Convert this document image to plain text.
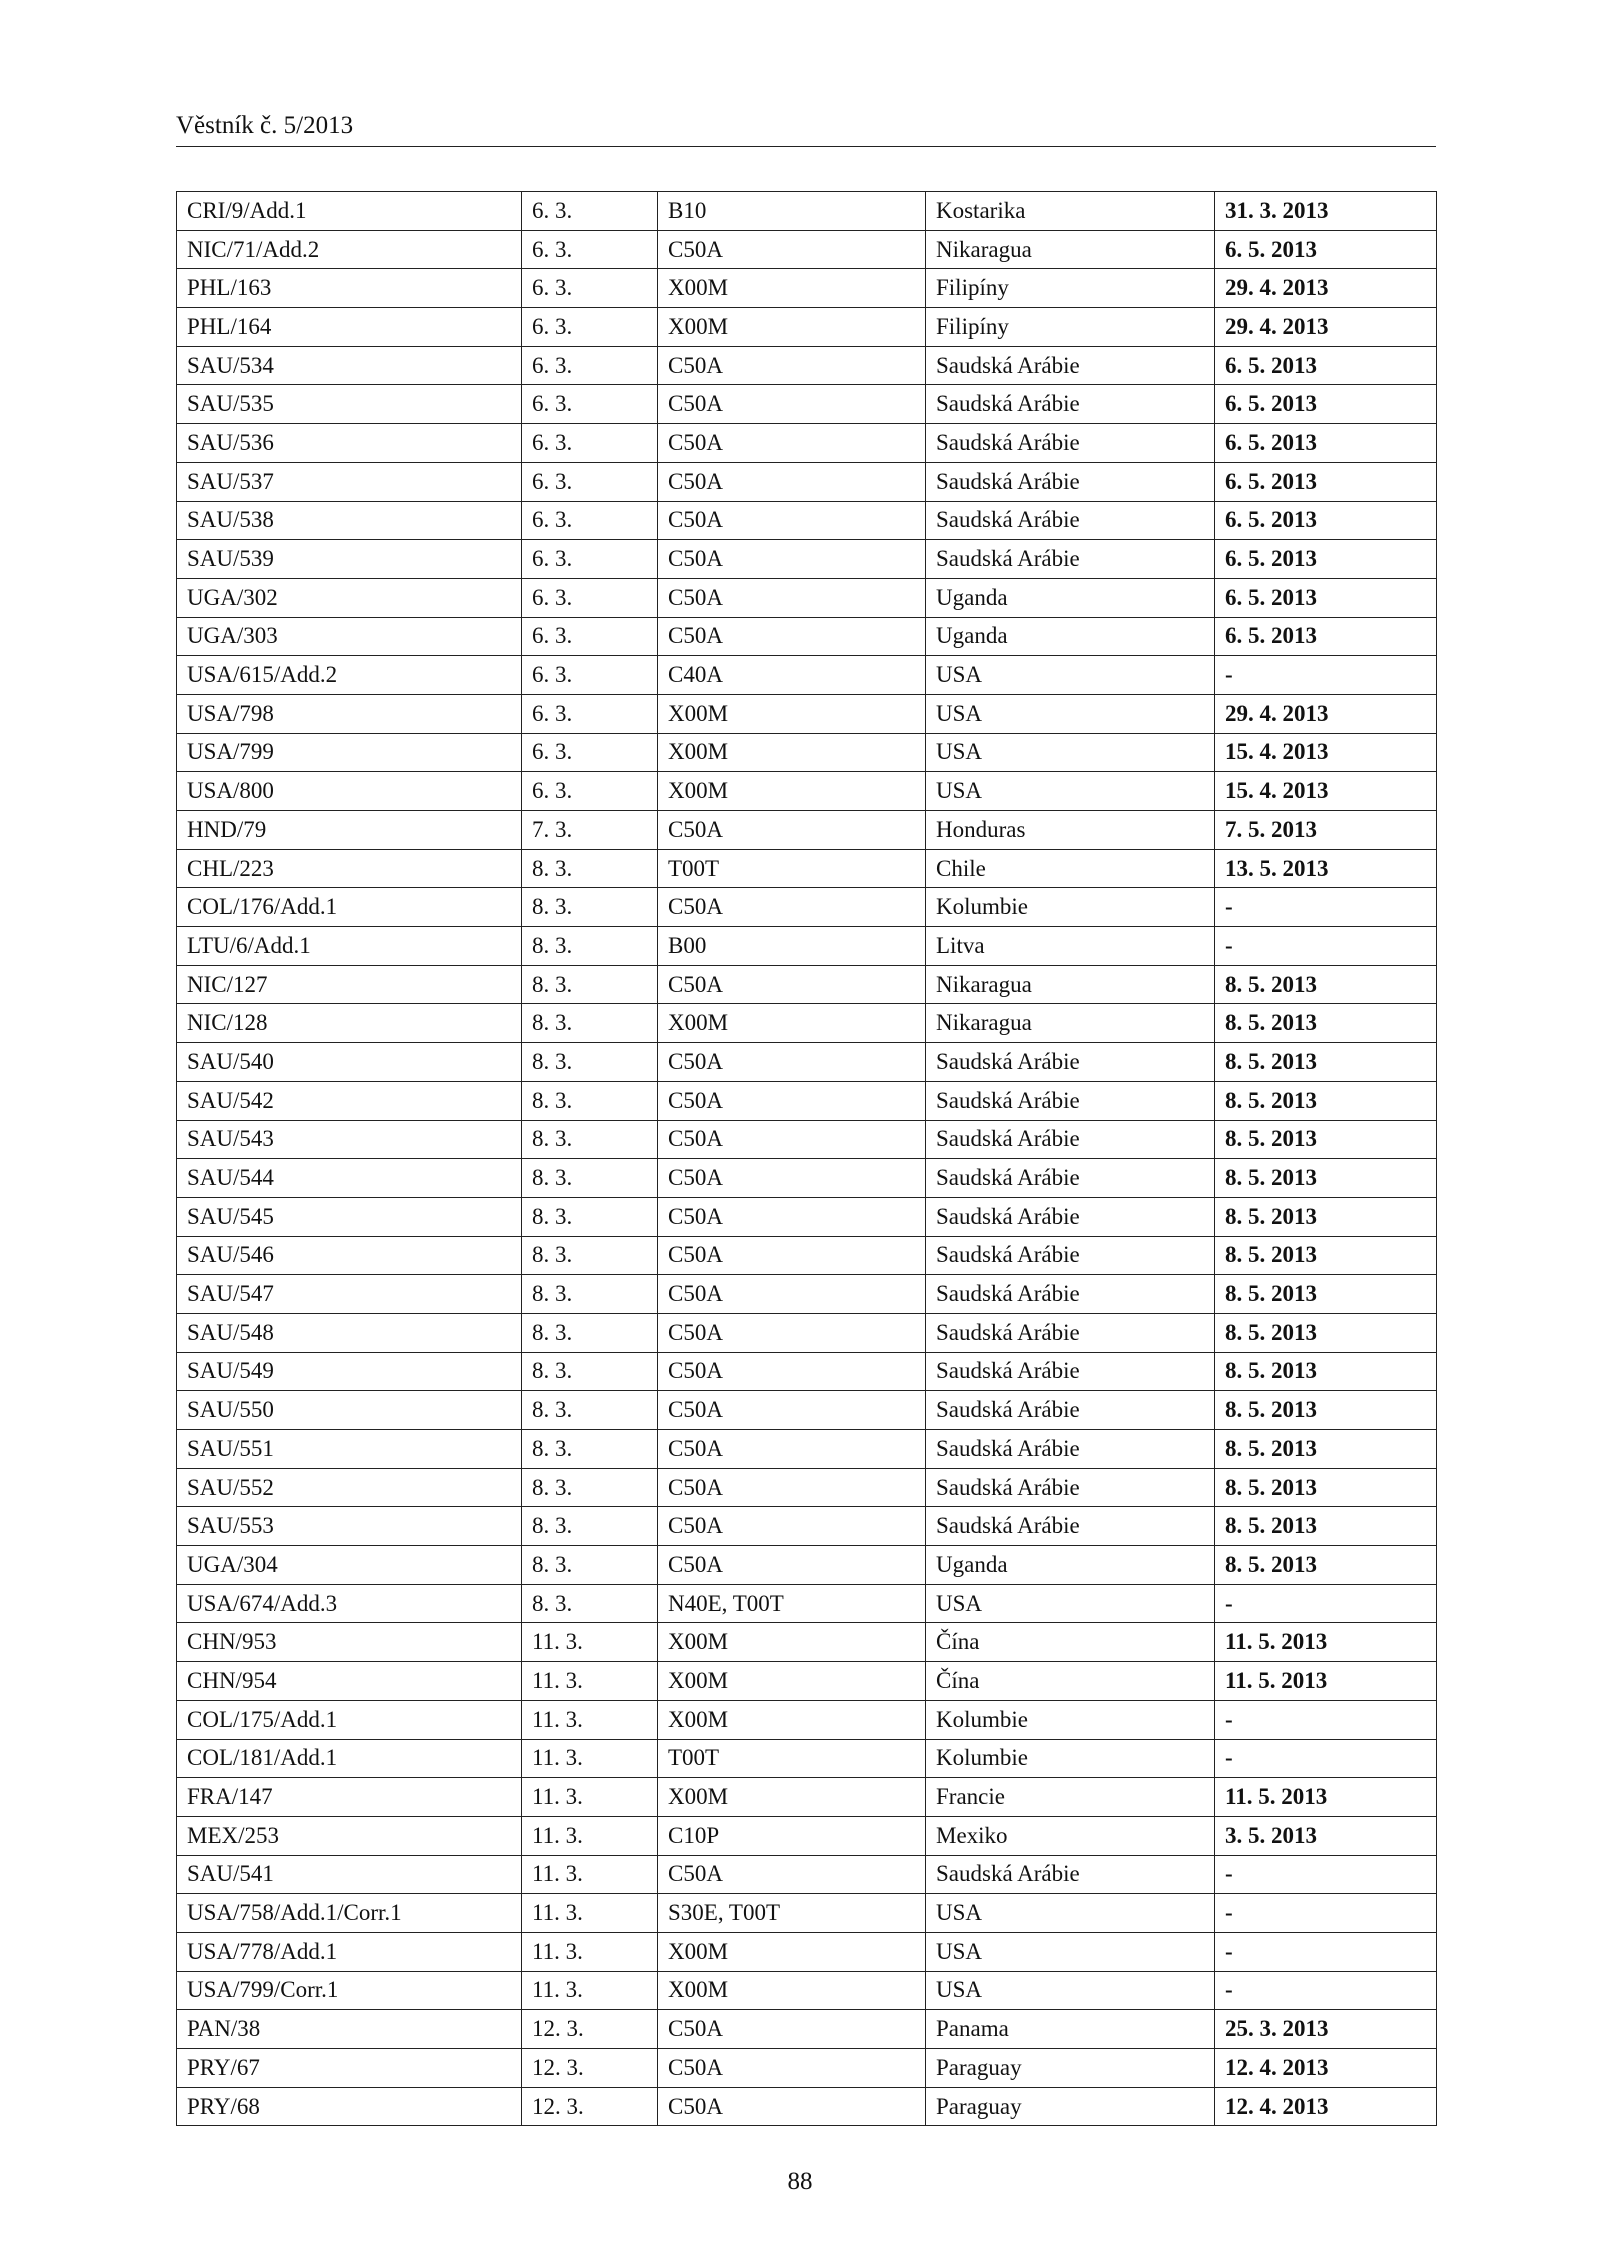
Věstník č. 5/2013
CRI/9/Add.1	6. 3.	B10	Kostarika	31. 3. 2013
NIC/71/Add.2	6. 3.	C50A	Nikaragua	6. 5. 2013
PHL/163	6. 3.	X00M	Filipíny	29. 4. 2013
PHL/164	6. 3.	X00M	Filipíny	29. 4. 2013
SAU/534	6. 3.	C50A	Saudská Arábie	6. 5. 2013
SAU/535	6. 3.	C50A	Saudská Arábie	6. 5. 2013
SAU/536	6. 3.	C50A	Saudská Arábie	6. 5. 2013
SAU/537	6. 3.	C50A	Saudská Arábie	6. 5. 2013
SAU/538	6. 3.	C50A	Saudská Arábie	6. 5. 2013
SAU/539	6. 3.	C50A	Saudská Arábie	6. 5. 2013
UGA/302	6. 3.	C50A	Uganda	6. 5. 2013
UGA/303	6. 3.	C50A	Uganda	6. 5. 2013
USA/615/Add.2	6. 3.	C40A	USA	-
USA/798	6. 3.	X00M	USA	29. 4. 2013
USA/799	6. 3.	X00M	USA	15. 4. 2013
USA/800	6. 3.	X00M	USA	15. 4. 2013
HND/79	7. 3.	C50A	Honduras	7. 5. 2013
CHL/223	8. 3.	T00T	Chile	13. 5. 2013
COL/176/Add.1	8. 3.	C50A	Kolumbie	-
LTU/6/Add.1	8. 3.	B00	Litva	-
NIC/127	8. 3.	C50A	Nikaragua	8. 5. 2013
NIC/128	8. 3.	X00M	Nikaragua	8. 5. 2013
SAU/540	8. 3.	C50A	Saudská Arábie	8. 5. 2013
SAU/542	8. 3.	C50A	Saudská Arábie	8. 5. 2013
SAU/543	8. 3.	C50A	Saudská Arábie	8. 5. 2013
SAU/544	8. 3.	C50A	Saudská Arábie	8. 5. 2013
SAU/545	8. 3.	C50A	Saudská Arábie	8. 5. 2013
SAU/546	8. 3.	C50A	Saudská Arábie	8. 5. 2013
SAU/547	8. 3.	C50A	Saudská Arábie	8. 5. 2013
SAU/548	8. 3.	C50A	Saudská Arábie	8. 5. 2013
SAU/549	8. 3.	C50A	Saudská Arábie	8. 5. 2013
SAU/550	8. 3.	C50A	Saudská Arábie	8. 5. 2013
SAU/551	8. 3.	C50A	Saudská Arábie	8. 5. 2013
SAU/552	8. 3.	C50A	Saudská Arábie	8. 5. 2013
SAU/553	8. 3.	C50A	Saudská Arábie	8. 5. 2013
UGA/304	8. 3.	C50A	Uganda	8. 5. 2013
USA/674/Add.3	8. 3.	N40E, T00T	USA	-
CHN/953	11. 3.	X00M	Čína	11. 5. 2013
CHN/954	11. 3.	X00M	Čína	11. 5. 2013
COL/175/Add.1	11. 3.	X00M	Kolumbie	-
COL/181/Add.1	11. 3.	T00T	Kolumbie	-
FRA/147	11. 3.	X00M	Francie	11. 5. 2013
MEX/253	11. 3.	C10P	Mexiko	3. 5. 2013
SAU/541	11. 3.	C50A	Saudská Arábie	-
USA/758/Add.1/Corr.1	11. 3.	S30E, T00T	USA	-
USA/778/Add.1	11. 3.	X00M	USA	-
USA/799/Corr.1	11. 3.	X00M	USA	-
PAN/38	12. 3.	C50A	Panama	25. 3. 2013
PRY/67	12. 3.	C50A	Paraguay	12. 4. 2013
PRY/68	12. 3.	C50A	Paraguay	12. 4. 2013
88
